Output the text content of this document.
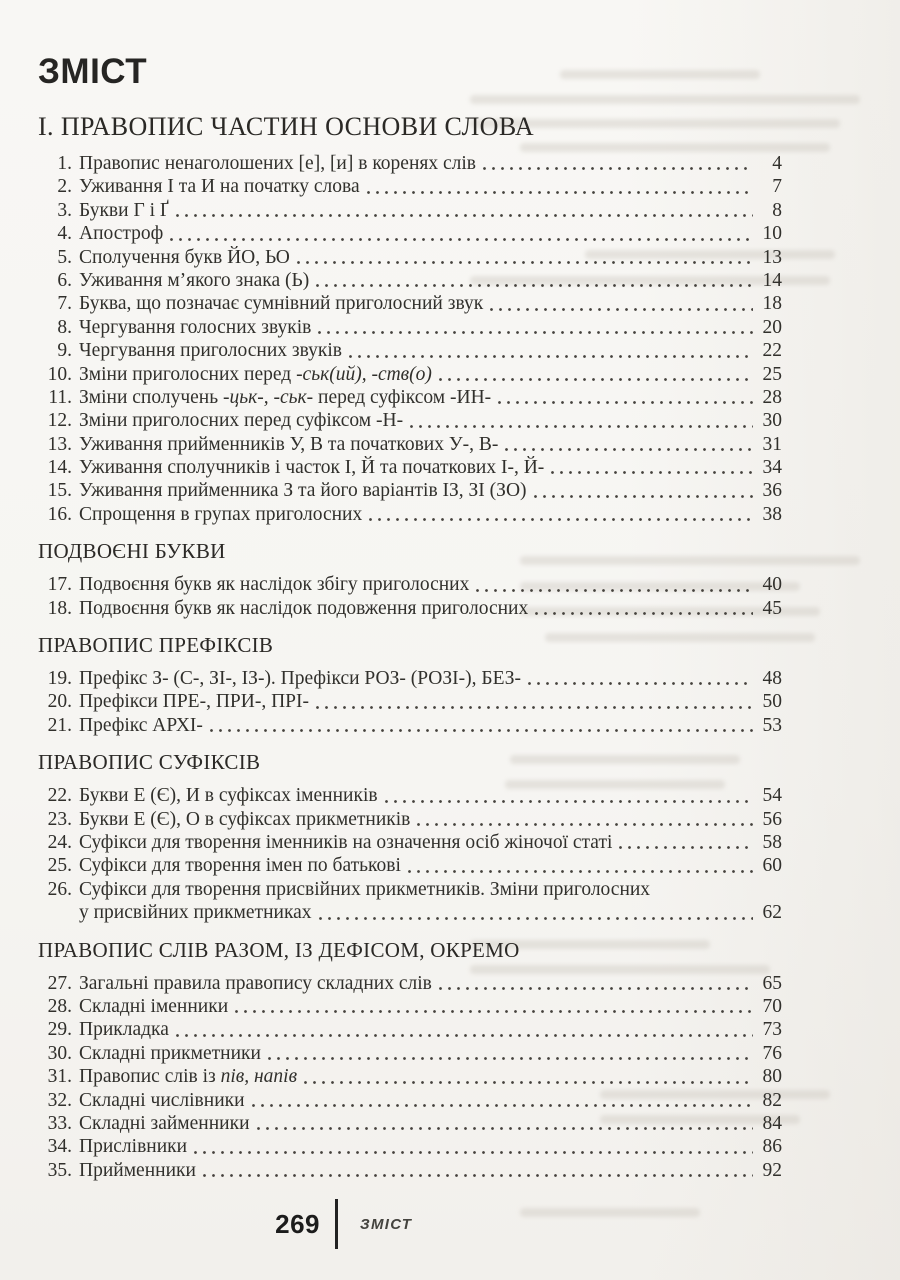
ЗМІСТ
І. ПРАВОПИС ЧАСТИН ОСНОВИ СЛОВА
1. Правопис ненаголошених [е], [и] в коренях слів	4
2. Уживання І та И на початку слова	7
3. Букви Г і Ґ	8
4. Апостроф	10
5. Сполучення букв ЙО, ЬО	13
6. Уживання м’якого знака (Ь)	14
7. Буква, що позначає сумнівний приголосний звук	18
8. Чергування голосних звуків	20
9. Чергування приголосних звуків	22
10. Зміни приголосних перед -ськ(ий), -ств(о)	25
11. Зміни сполучень -цьк-, -ськ- перед суфіксом -ИН-	28
12. Зміни приголосних перед суфіксом -Н-	30
13. Уживання прийменників У, В та початкових У-, В-	31
14. Уживання сполучників і часток І, Й та початкових І-, Й-	34
15. Уживання прийменника З та його варіантів ІЗ, ЗІ (ЗО)	36
16. Спрощення в групах приголосних	38
ПОДВОЄНІ БУКВИ
17. Подвоєння букв як наслідок збігу приголосних	40
18. Подвоєння букв як наслідок подовження приголосних	45
ПРАВОПИС ПРЕФІКСІВ
19. Префікс З- (С-, ЗІ-, ІЗ-). Префікси РОЗ- (РОЗІ-), БЕЗ-	48
20. Префікси ПРЕ-, ПРИ-, ПРІ-	50
21. Префікс АРХІ-	53
ПРАВОПИС СУФІКСІВ
22. Букви Е (Є), И в суфіксах іменників	54
23. Букви Е (Є), О в суфіксах прикметників	56
24. Суфікси для творення іменників на означення осіб жіночої статі	58
25. Суфікси для творення імен по батькові	60
26. Суфікси для творення присвійних прикметників. Зміни приголосних
у присвійних прикметниках	62
ПРАВОПИС СЛІВ РАЗОМ, ІЗ ДЕФІСОМ, ОКРЕМО
27. Загальні правила правопису складних слів	65
28. Складні іменники	70
29. Прикладка	73
30. Складні прикметники	76
31. Правопис слів із пів, напів	80
32. Складні числівники	82
33. Складні займенники	84
34. Прислівники	86
35. Прийменники	92
269	ЗМІСТ
